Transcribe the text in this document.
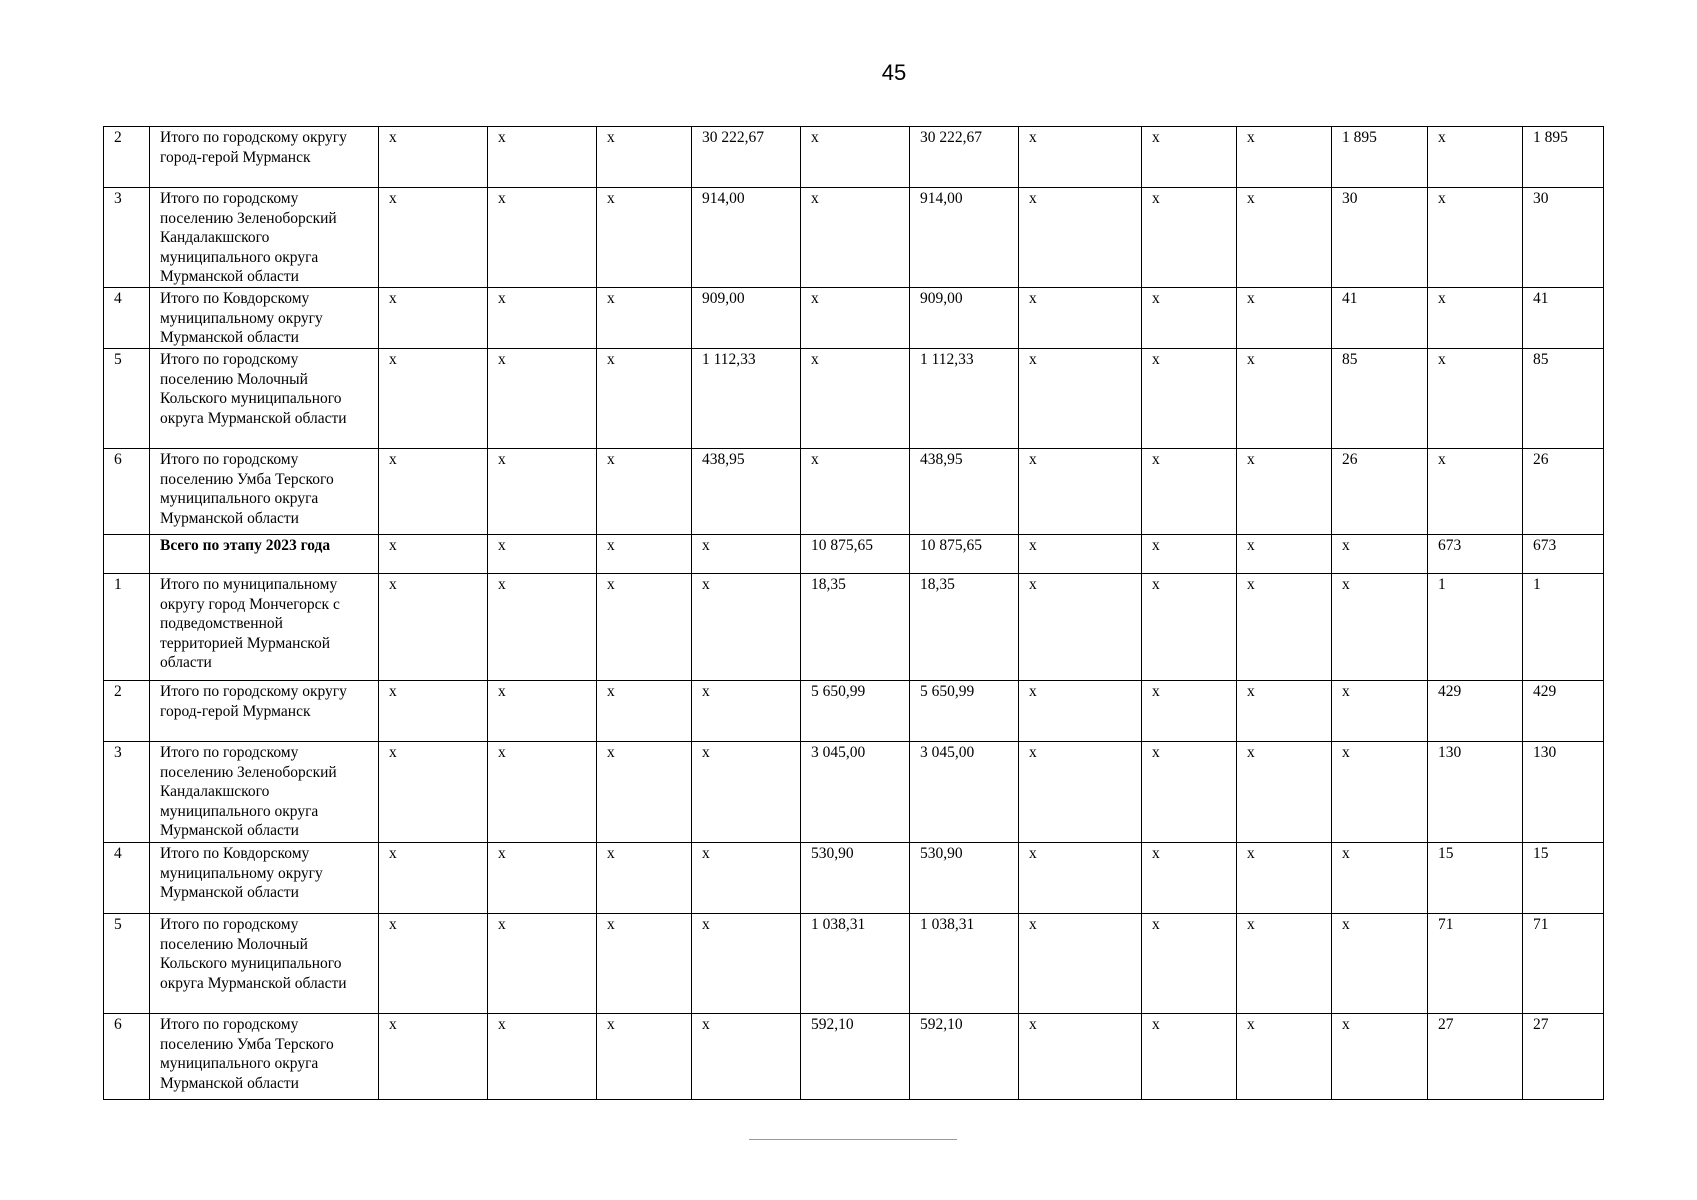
45
2	Итого по городскому округу город-герой Мурманск	x	x	x	30 222,67	x	30 222,67	x	x	x	1 895	x	1 895
3	Итого по городскому поселению Зеленоборский Кандалакшского муниципального округа Мурманской области	x	x	x	914,00	x	914,00	x	x	x	30	x	30
4	Итого по Ковдорскому муниципальному округу Мурманской области	x	x	x	909,00	x	909,00	x	x	x	41	x	41
5	Итого по городскому поселению Молочный Кольского муниципального округа Мурманской области	x	x	x	1 112,33	x	1 112,33	x	x	x	85	x	85
6	Итого по городскому поселению Умба Терского муниципального округа Мурманской области	x	x	x	438,95	x	438,95	x	x	x	26	x	26
	Всего по этапу 2023 года	x	x	x	x	10 875,65	10 875,65	x	x	x	x	673	673
1	Итого по муниципальному округу город Мончегорск с подведомственной территорией Мурманской области	x	x	x	x	18,35	18,35	x	x	x	x	1	1
2	Итого по городскому округу город-герой Мурманск	x	x	x	x	5 650,99	5 650,99	x	x	x	x	429	429
3	Итого по городскому поселению Зеленоборский Кандалакшского муниципального округа Мурманской области	x	x	x	x	3 045,00	3 045,00	x	x	x	x	130	130
4	Итого по Ковдорскому муниципальному округу Мурманской области	x	x	x	x	530,90	530,90	x	x	x	x	15	15
5	Итого по городскому поселению Молочный Кольского муниципального округа Мурманской области	x	x	x	x	1 038,31	1 038,31	x	x	x	x	71	71
6	Итого по городскому поселению Умба Терского муниципального округа Мурманской области	x	x	x	x	592,10	592,10	x	x	x	x	27	27
